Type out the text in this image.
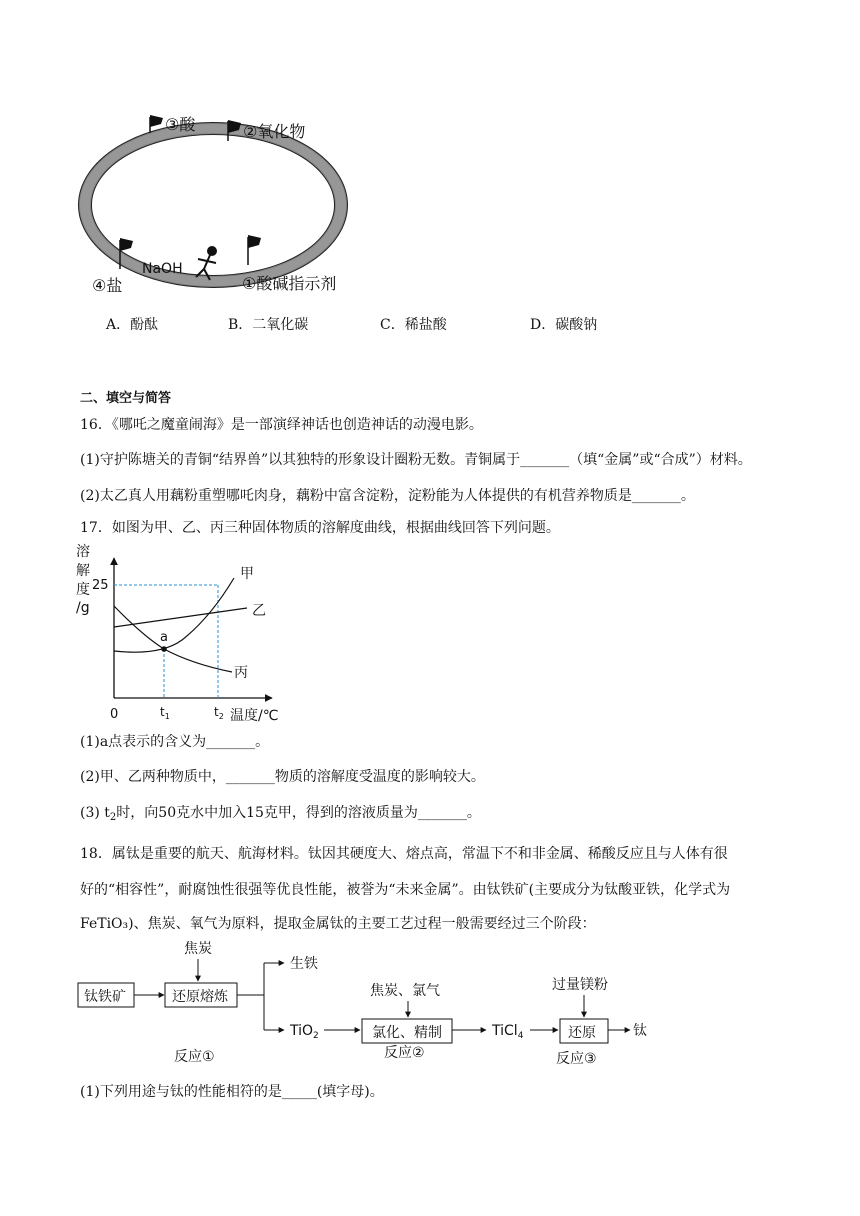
③酸	②氧化物
NaOH
④盐	①酸碱指示剂
A．酚酞	B．二氧化碳	C．稀盐酸	D．碳酸钠
二、填空与简答
16．《哪吒之魔童闹海》是一部演绎神话也创造神话的动漫电影。
(1)守护陈塘关的青铜“结界兽”以其独特的形象设计圈粉无数。青铜属于_______（填“金属”或“合成”）材料。
(2)太乙真人用藕粉重塑哪吒肉身，藕粉中富含淀粉，淀粉能为人体提供的有机营养物质是_______。
17．如图为甲、乙、丙三种固体物质的溶解度曲线，根据曲线回答下列问题。
溶
解
度
/g
a
25
甲
乙
丙
0	$t_1$	$t_2$ 温度/℃
(1)a点表示的含义为_______。
(2)甲、乙两种物质中，_______物质的溶解度受温度的影响较大。
(3) $t_2$时，向50克水中加入15克甲，得到的溶液质量为_______。
18．属钛是重要的航天、航海材料。钛因其硬度大、熔点高，常温下不和非金属、稀酸反应且与人体有很
好的“相容性”，耐腐蚀性很强等优良性能，被誉为“未来金属”。由钛铁矿(主要成分为钛酸亚铁，化学式为
FeTiO₃)、焦炭、氧气为原料，提取金属钛的主要工艺过程一般需要经过三个阶段：
钛铁矿
焦炭
还原熔炼
生铁
TiO$_2$
反应①
焦炭、氯气
氯化、精制
反应②
TiCl$_4$
过量镁粉
还原
反应③
钛
(1)下列用途与钛的性能相符的是_____(填字母)。
